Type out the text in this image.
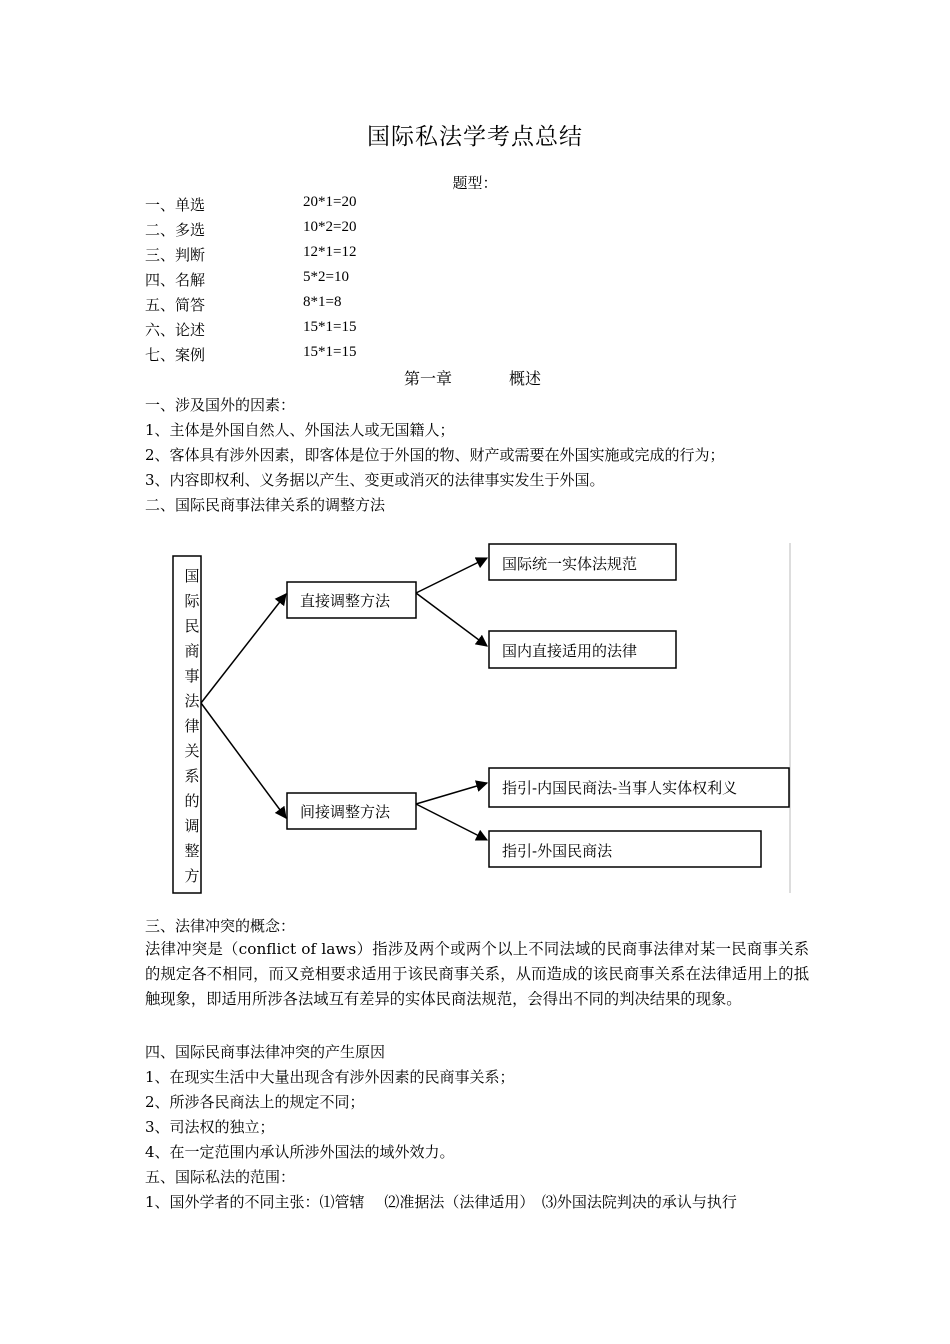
国际私法学考点总结
题型：
一、单选	20*1=20
二、多选	10*2=20
三、判断	12*1=12
四、名解	5*2=10
五、简答	8*1=8
六、论述	15*1=15
七、案例	15*1=15
第一章	概述
一、涉及国外的因素：
1、主体是外国自然人、外国法人或无国籍人；
2、客体具有涉外因素，即客体是位于外国的物、财产或需要在外国实施或完成的行为；
3、内容即权利、义务据以产生、变更或消灭的法律事实发生于外国。
二、国际民商事法律关系的调整方法
直接调整方法
间接调整方法
国际统一实体法规范
国内直接适用的法律
指引-内国民商法-当事人实体权利义
指引-外国民商法
国
际
民
商
事
法
律
关
系
的
调
整
方
三、法律冲突的概念：
法律冲突是（conflict of laws）指涉及两个或两个以上不同法域的民商事法律对某一民商事关系的规定各不相同，而又竞相要求适用于该民商事关系，从而造成的该民商事关系在法律适用上的抵触现象，即适用所涉各法域互有差异的实体民商法规范，会得出不同的判决结果的现象。
四、国际民商事法律冲突的产生原因
1、在现实生活中大量出现含有涉外因素的民商事关系；
2、所涉各民商法上的规定不同；
3、司法权的独立；
4、在一定范围内承认所涉外国法的域外效力。
五、国际私法的范围：
1、国外学者的不同主张：⑴管辖　 ⑵准据法（法律适用）　⑶外国法院判决的承认与执行
